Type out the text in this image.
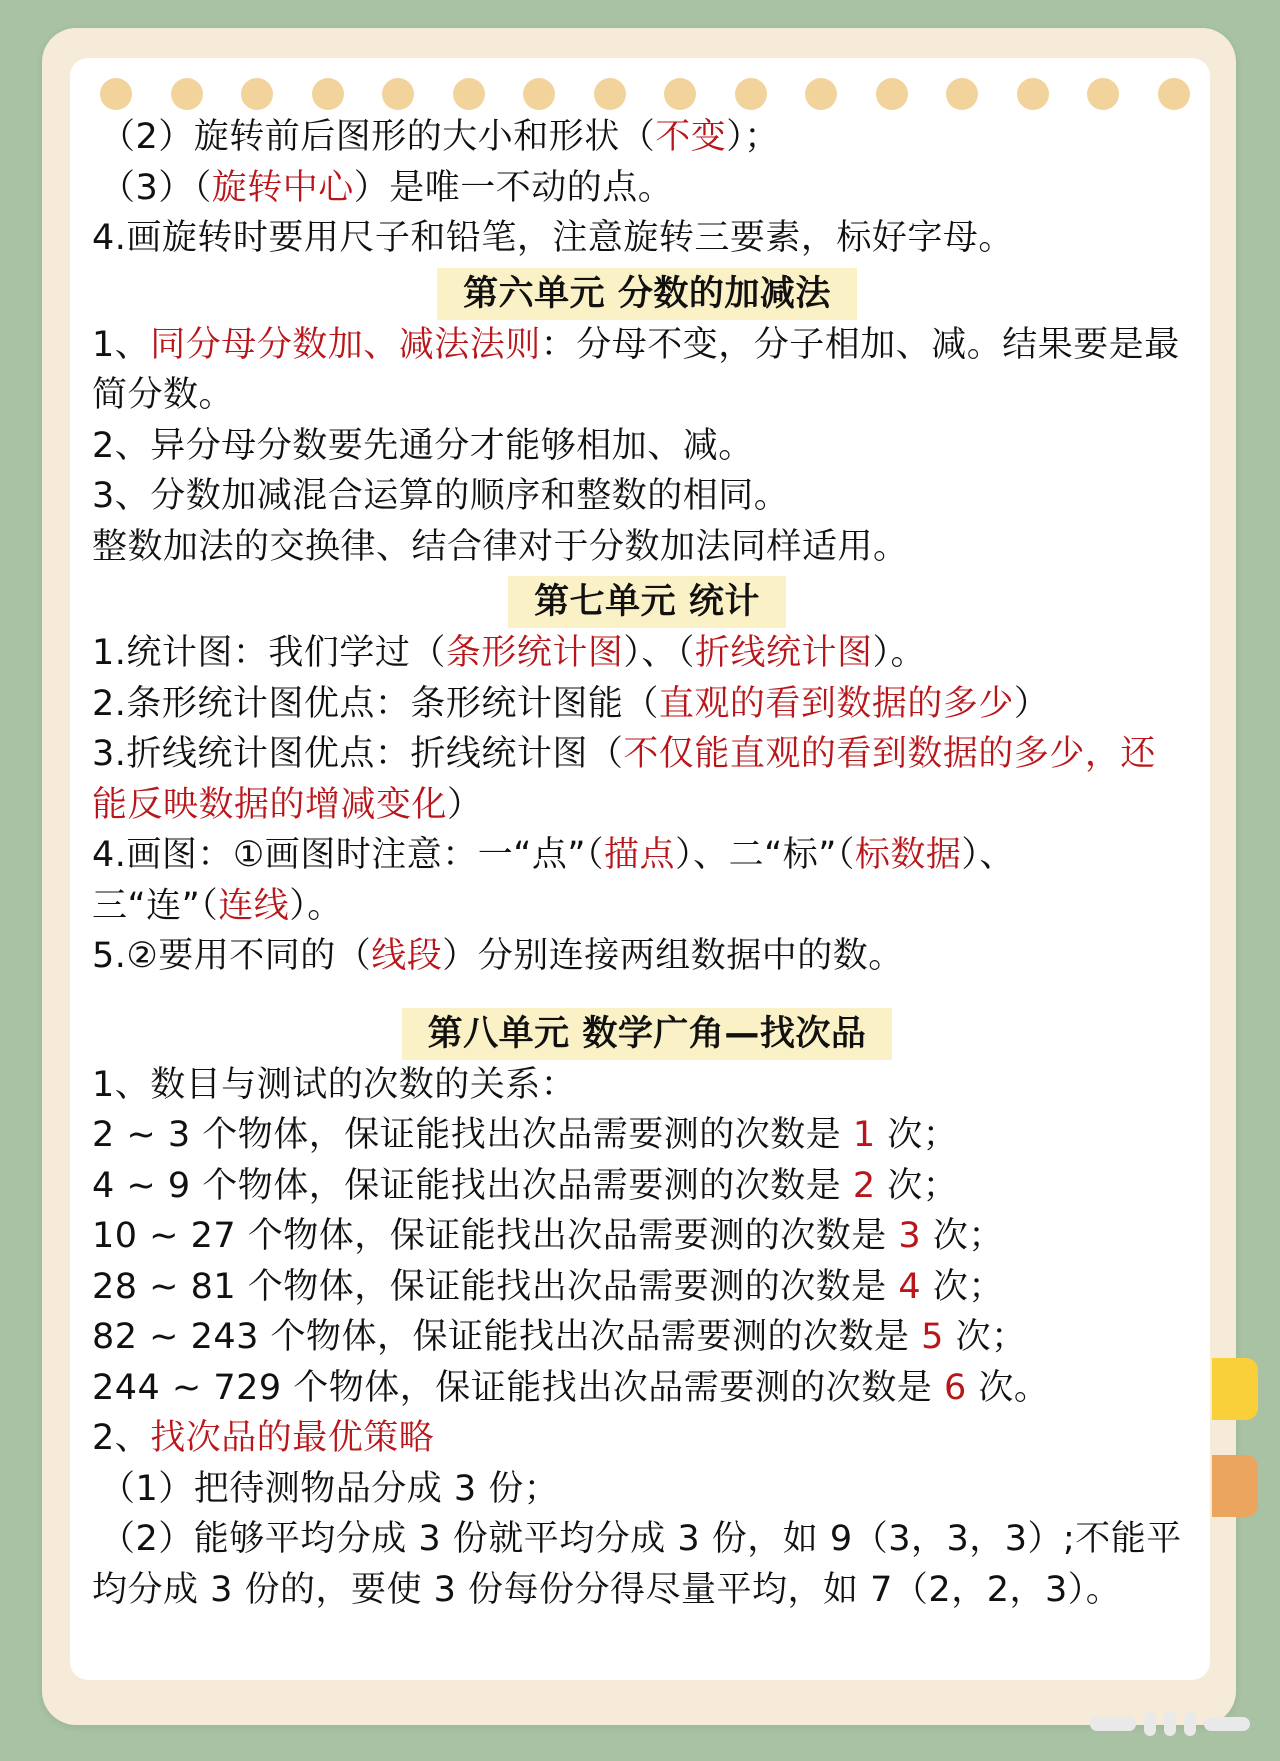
（2）旋转前后图形的大小和形状（不变）；
（3）（旋转中心）是唯一不动的点。
4.画旋转时要用尺子和铅笔，注意旋转三要素，标好字母。
第六单元 分数的加减法
1、同分母分数加、减法法则：分母不变，分子相加、减。结果要是最
简分数。
2、异分母分数要先通分才能够相加、减。
3、分数加减混合运算的顺序和整数的相同。
整数加法的交换律、结合律对于分数加法同样适用。
第七单元 统计
1.统计图：我们学过（条形统计图）、（折线统计图）。
2.条形统计图优点：条形统计图能（直观的看到数据的多少）
3.折线统计图优点：折线统计图（不仅能直观的看到数据的多少，还
能反映数据的增减变化）
4.画图：①画图时注意：一“点”（描点）、二“标”（标数据）、
三“连”（连线）。
5.②要用不同的（线段）分别连接两组数据中的数。
第八单元 数学广角—找次品
1、数目与测试的次数的关系：
2 ~ 3 个物体，保证能找出次品需要测的次数是 1 次；
4 ~ 9 个物体，保证能找出次品需要测的次数是 2 次；
10 ~ 27 个物体，保证能找出次品需要测的次数是 3 次；
28 ~ 81 个物体，保证能找出次品需要测的次数是 4 次；
82 ~ 243 个物体，保证能找出次品需要测的次数是 5 次；
244 ~ 729 个物体，保证能找出次品需要测的次数是 6 次。
2、找次品的最优策略
（1）把待测物品分成 3 份；
（2）能够平均分成 3 份就平均分成 3 份，如 9（3，3，3）;不能平
均分成 3 份的，要使 3 份每份分得尽量平均，如 7（2，2，3）。
